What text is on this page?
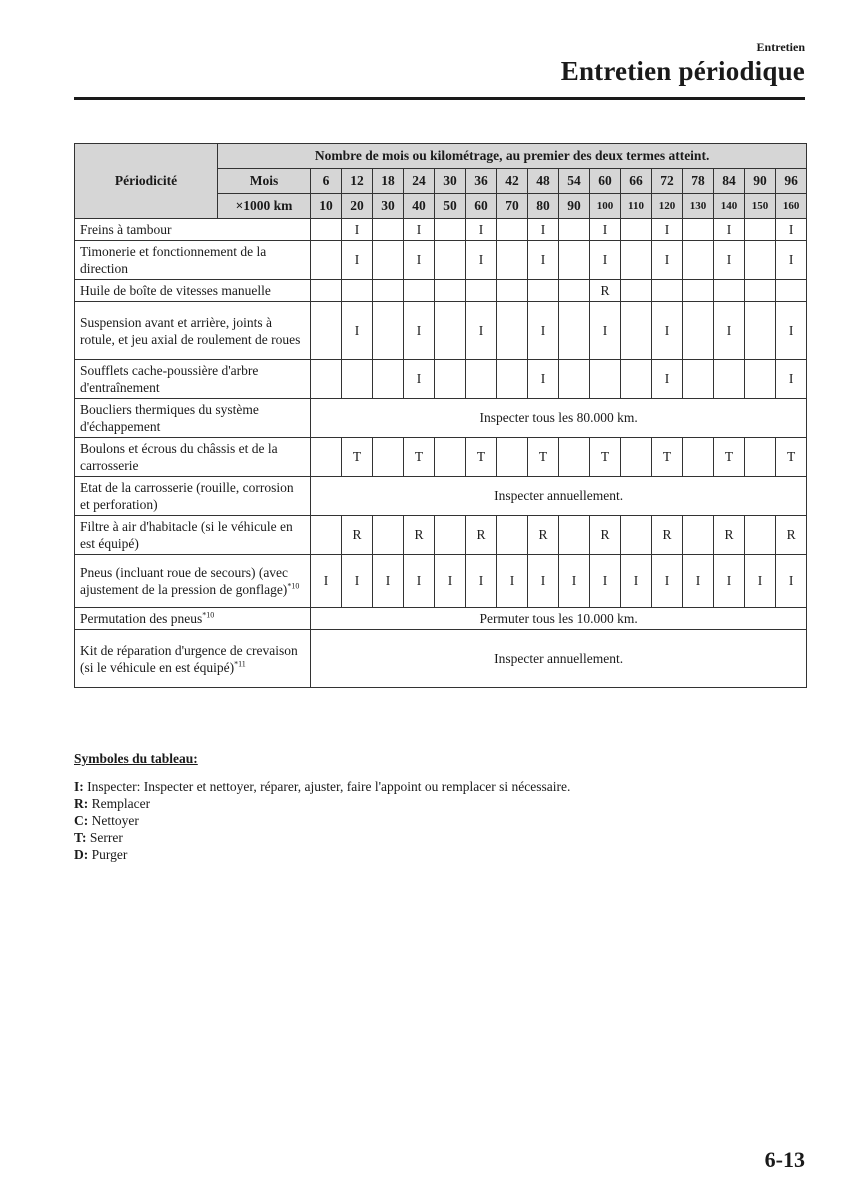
Entretien
Entretien périodique
Périodicité	Nombre de mois ou kilométrage, au premier des deux termes atteint.																
	Mois	6	12	18	24	30	36	42	48	54	60	66	72	78	84	90	96
	×1000 km	10	20	30	40	50	60	70	80	90	100	110	120	130	140	150	160
Freins à tambour			I		I		I		I		I		I		I		I
Timonerie et fonctionnement de la direction			I		I		I		I		I		I		I		I
Huile de boîte de vitesses manuelle											R						
Suspension avant et arrière, joints à rotule, et jeu axial de roulement de roues			I		I		I		I		I		I		I		I
Soufflets cache-poussière d'arbre d'entraînement					I				I				I				I
Boucliers thermiques du système d'échappement		Inspecter tous les 80.000 km.															
Boulons et écrous du châssis et de la carrosserie			T		T		T		T		T		T		T		T
Etat de la carrosserie (rouille, corrosion et perforation)		Inspecter annuellement.															
Filtre à air d'habitacle (si le véhicule en est équipé)			R		R		R		R		R		R		R		R
Pneus (incluant roue de secours) (avec ajustement de la pression de gonflage)$^{*10}$		I	I	I	I	I	I	I	I	I	I	I	I	I	I	I	I
Permutation des pneus$^{*10}$		Permuter tous les 10.000 km.															
Kit de réparation d'urgence de crevaison (si le véhicule en est équipé)$^{*11}$		Inspecter annuellement.															
Symboles du tableau:
I: Inspecter: Inspecter et nettoyer, réparer, ajuster, faire l'appoint ou remplacer si nécessaire.
R: Remplacer
C: Nettoyer
T: Serrer
D: Purger
6-13
